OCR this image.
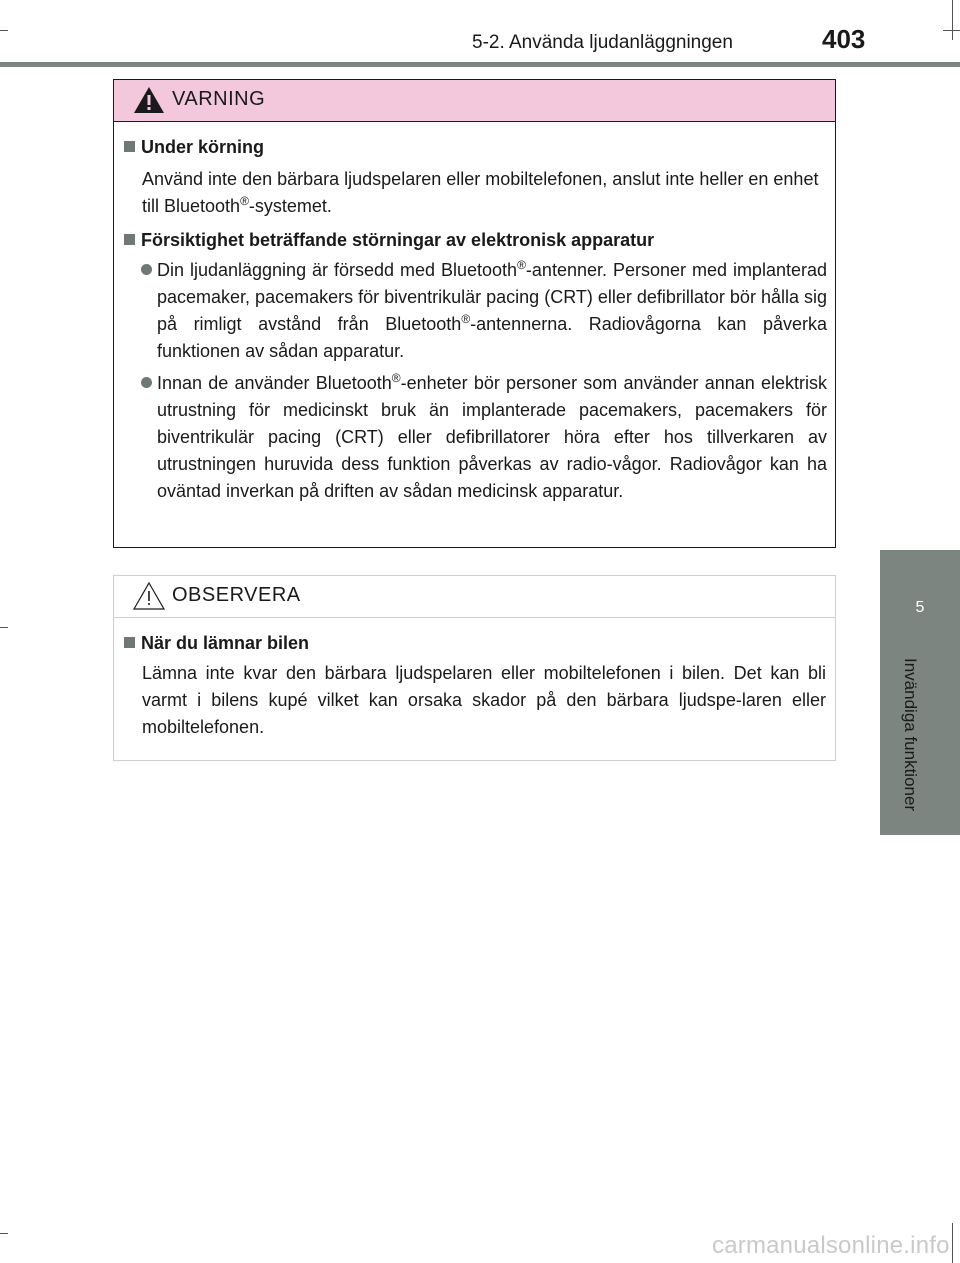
5-2. Använda ljudanläggningen	403
5
Invändiga funktioner
VARNING
Under körning
Använd inte den bärbara ljudspelaren eller mobiltelefonen, anslut inte heller en enhet till Bluetooth®-systemet.
Försiktighet beträffande störningar av elektronisk apparatur
Din ljudanläggning är försedd med Bluetooth®-antenner. Personer med implanterad pacemaker, pacemakers för biventrikulär pacing (CRT) eller defibrillator bör hålla sig på rimligt avstånd från Bluetooth®-antennerna. Radiovågorna kan påverka funktionen av sådan apparatur.
Innan de använder Bluetooth®-enheter bör personer som använder annan elektrisk utrustning för medicinskt bruk än implanterade pacemakers, pacemakers för biventrikulär pacing (CRT) eller defibrillatorer höra efter hos tillverkaren av utrustningen huruvida dess funktion påverkas av radio-vågor. Radiovågor kan ha oväntad inverkan på driften av sådan medicinsk apparatur.
OBSERVERA
När du lämnar bilen
Lämna inte kvar den bärbara ljudspelaren eller mobiltelefonen i bilen. Det kan bli varmt i bilens kupé vilket kan orsaka skador på den bärbara ljudspe-laren eller mobiltelefonen.
carmanualsonline.info
